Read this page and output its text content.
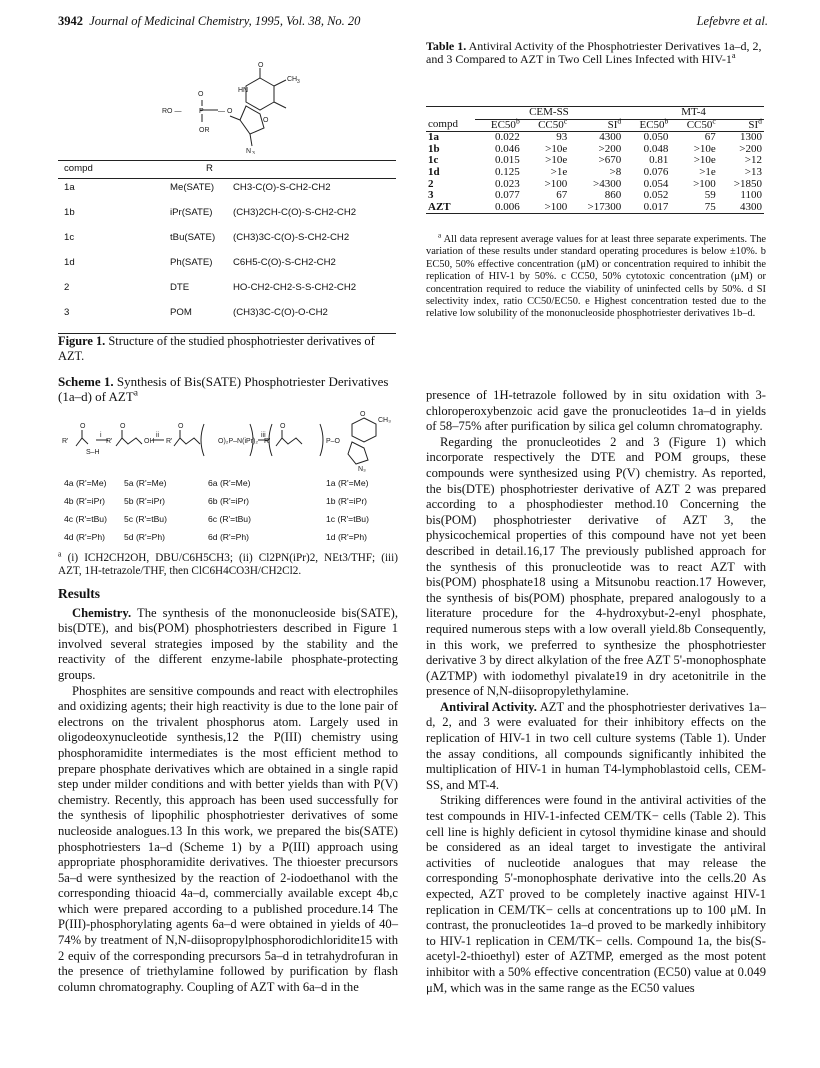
3942 Journal of Medicinal Chemistry, 1995, Vol. 38, No. 20	Lefebvre et al.
O
CH 3
HN
O
N 3
O
RO —	P — O
OR
compd	R
1a	Me(SATE) CH3-C(O)-S-CH2-CH2
1b	iPr(SATE) (CH3)2CH-C(O)-S-CH2-CH2
1c	tBu(SATE) (CH3)3C-C(O)-S-CH2-CH2
1d	Ph(SATE) C6H5-C(O)-S-CH2-CH2
2	DTE	HO-CH2-CH2-S-S-CH2-CH2
3	POM	(CH3)3C-C(O)-O-CH2
Figure 1. Structure of the studied phosphotriester derivatives of AZT.
Scheme 1. Synthesis of Bis(SATE) Phosphotriester Derivatives (1a–d) of AZT$^a$
R'
O
S–H
i
R'
O
OH
ii
R'
O
O)₂P–N(iPr)₂
iii
R'
O
P–O
O
CH₃
N₃
4a (R'=Me) 5a (R'=Me)	6a (R'=Me)	1a (R'=Me)
4b (R'=iPr) 5b (R'=iPr)	6b (R'=iPr)	1b (R'=iPr)
4c (R'=tBu) 5c (R'=tBu)	6c (R'=tBu)	1c (R'=tBu)
4d (R'=Ph) 5d (R'=Ph)	6d (R'=Ph)	1d (R'=Ph)
$^a$ (i) ICH2CH2OH, DBU/C6H5CH3; (ii) Cl2PN(iPr)2, NEt3/THF; (iii) AZT, 1H-tetrazole/THF, then ClC6H4CO3H/CH2Cl2.
Results

Chemistry. The synthesis of the mononucleoside bis(SATE), bis(DTE), and bis(POM) phosphotriesters described in Figure 1 involved several strategies imposed by the stability and the reactivity of the different enzyme-labile phosphate-protecting groups.

Phosphites are sensitive compounds and react with electrophiles and oxidizing agents; their high reactivity is due to the lone pair of electrons on the trivalent phosphorus atom. Largely used in oligodeoxynucleotide synthesis,12 the P(III) chemistry using phosphoramidite intermediates is the most efficient method to prepare phosphate derivatives which are obtained in a single rapid step under milder conditions and with better yields than with P(V) chemistry. Recently, this approach has been used successfully for the synthesis of lipophilic phosphotriester derivatives of some nucleoside analogues.13 In this work, we prepared the bis(SATE) phosphotriesters 1a–d (Scheme 1) by a P(III) approach using appropriate phosphoramidite derivatives. The thioester precursors 5a–d were synthesized by the reaction of 2-iodoethanol with the corresponding thioacid 4a–d, commercially available except 4b,c which were prepared according to a published procedure.14 The P(III)-phosphorylating agents 6a–d were obtained in yields of 40–74% by treatment of N,N-diisopropylphosphorodichloridite15 with 2 equiv of the corresponding precursors 5a–d in tetrahydrofuran in the presence of triethylamine followed by purification by flash column chromatography. Coupling of AZT with 6a–d in the

Table 1. Antiviral Activity of the Phosphotriester Derivatives 1a–d, 2, and 3 Compared to AZT in Two Cell Lines Infected with HIV-1$^a$
	CEM-SS			MT-4		
compd	EC50$^b$	CC50$^c$	$SI^d$	EC50$^b$	CC50$^c$	$SI^d$
1a	0.022	93	4300	0.050	67	1300
1b	0.046	>10e	>200	0.048	>10e	>200
1c	0.015	>10e	>670	0.81	>10e	>12
1d	0.125	>1e	>8	0.076	>1e	>13
2	0.023	>100	>4300	0.054	>100	>1850
3	0.077	67	860	0.052	59	1100
AZT	0.006	>100	>17300	0.017	75	4300
$^a$ All data represent average values for at least three separate experiments. The variation of these results under standard operating procedures is below ±10%. b EC50, 50% effective concentration (μM) or concentration required to inhibit the replication of HIV-1 by 50%. c CC50, 50% cytotoxic concentration (μM) or concentration required to reduce the viability of uninfected cells by 50%. d SI selectivity index, ratio CC50/EC50. e Highest concentration tested due to the relative low solubility of the mononucleoside phosphotriester derivatives 1b–d.

presence of 1H-tetrazole followed by in situ oxidation with 3-chloroperoxybenzoic acid gave the pronucleotides 1a–d in yields of 58–75% after purification by silica gel column chromatography.

Regarding the pronucleotides 2 and 3 (Figure 1) which incorporate respectively the DTE and POM groups, these compounds were synthesized using P(V) chemistry. As reported, the bis(DTE) phosphotriester derivative of AZT 2 was prepared according to a phosphodiester method.10 Concerning the bis(POM) phosphotriester derivative of AZT 3, the physicochemical properties of this compound have not yet been described in detail.16,17 The previously published approach for the synthesis of this pronucleotide was to react AZT with bis(POM) phosphate18 using a Mitsunobu reaction.17 However, the synthesis of bis(POM) phosphate, prepared analogously to a literature procedure for the 4-hydroxybut-2-enyl phosphate, required numerous steps with a low overall yield.8b Consequently, in this work, we preferred to synthesize the phosphotriester derivative 3 by direct alkylation of the free AZT 5'-monophosphate (AZTMP) with iodomethyl pivalate19 in dry acetonitrile in the presence of N,N-diisopropylethylamine.

Antiviral Activity. AZT and the phosphotriester derivatives 1a–d, 2, and 3 were evaluated for their inhibitory effects on the replication of HIV-1 in two cell culture systems (Table 1). Under the assay conditions, all compounds significantly inhibited the multiplication of HIV-1 in human T4-lymphoblastoid cells, CEM-SS, and MT-4.

Striking differences were found in the antiviral activities of the test compounds in HIV-1-infected CEM/TK− cells (Table 2). This cell line is highly deficient in cytosol thymidine kinase and should be considered as an ideal target to investigate the antiviral activities of nucleotide analogues that may release the corresponding 5'-monophosphate derivative into the cells.20 As expected, AZT proved to be completely inactive against HIV-1 replication in CEM/TK− cells at concentrations up to 100 μM. In contrast, the pronucleotides 1a–d proved to be markedly inhibitory to HIV-1 replication in CEM/TK− cells. Compound 1a, the bis(S-acetyl-2-thioethyl) ester of AZTMP, emerged as the most potent inhibitor with a 50% effective concentration (EC50) value at 0.049 μM, which was in the same range as the EC50 values
